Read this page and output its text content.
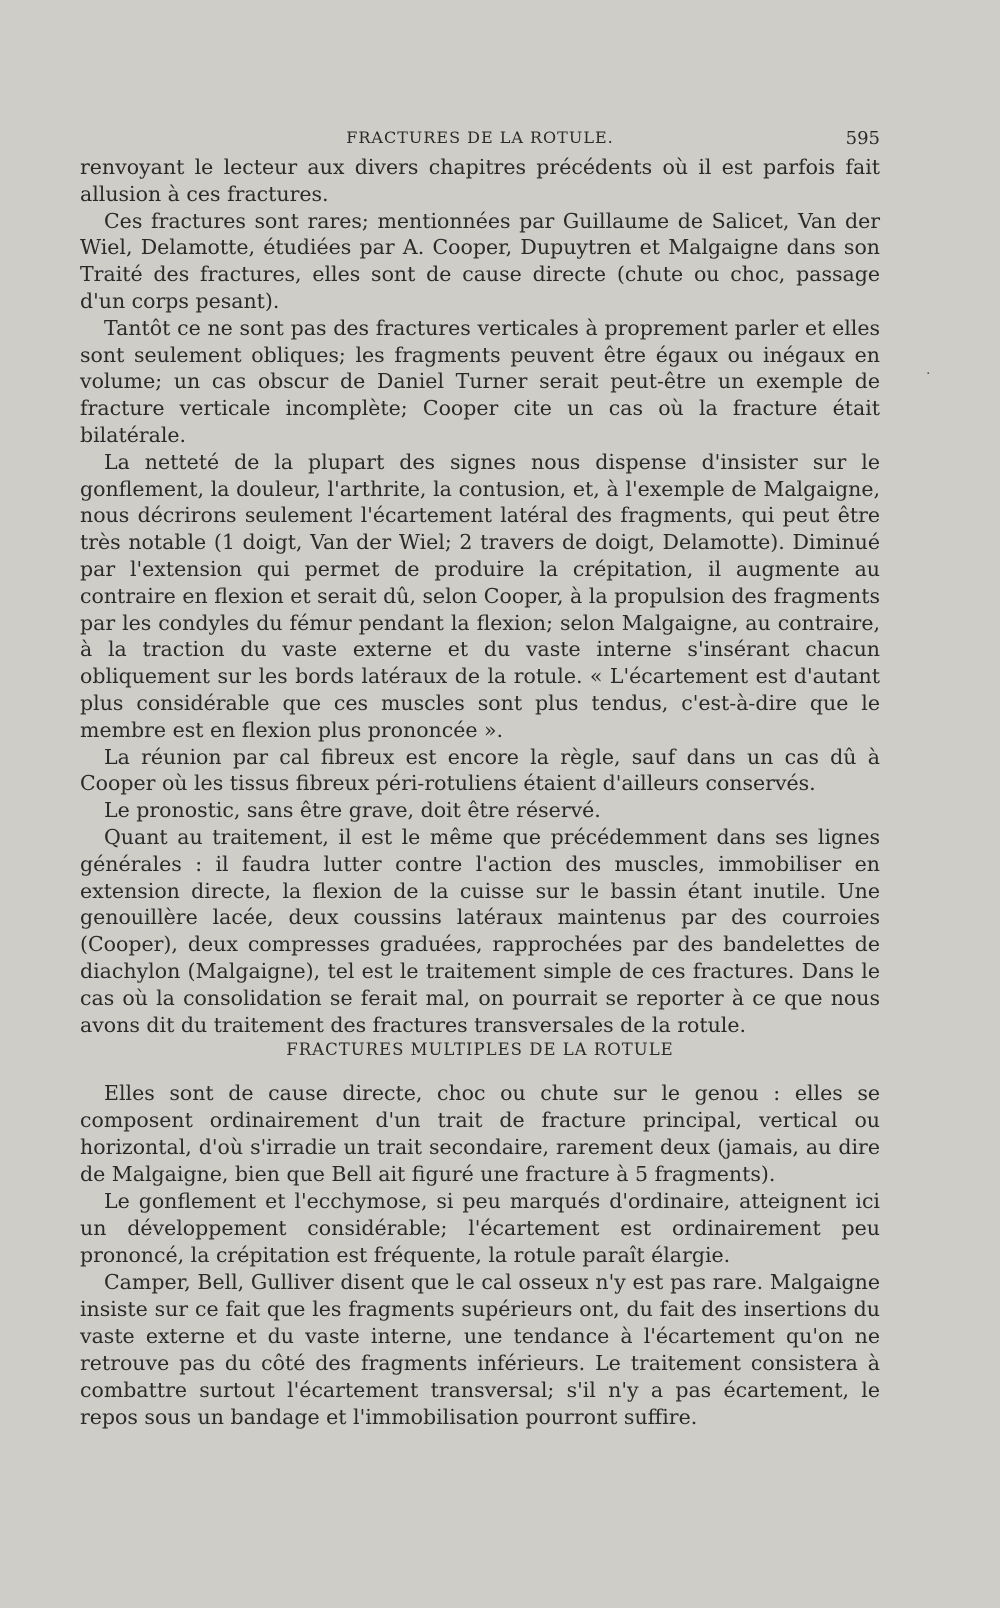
FRACTURES DE LA ROTULE.	595

renvoyant le lecteur aux divers chapitres précédents où il est parfois fait allusion à ces fractures.

Ces fractures sont rares; mentionnées par Guillaume de Salicet, Van der Wiel, Delamotte, étudiées par A. Cooper, Dupuytren et Malgaigne dans son Traité des fractures, elles sont de cause directe (chute ou choc, passage d'un corps pesant).

Tantôt ce ne sont pas des fractures verticales à proprement parler et elles sont seulement obliques; les fragments peuvent être égaux ou inégaux en volume; un cas obscur de Daniel Turner serait peut-être un exemple de fracture verticale incomplète; Cooper cite un cas où la fracture était bilatérale.

La netteté de la plupart des signes nous dispense d'insister sur le gonflement, la douleur, l'arthrite, la contusion, et, à l'exemple de Malgaigne, nous décrirons seulement l'écartement latéral des fragments, qui peut être très notable (1 doigt, Van der Wiel; 2 travers de doigt, Delamotte). Diminué par l'extension qui permet de produire la crépitation, il augmente au contraire en flexion et serait dû, selon Cooper, à la propulsion des fragments par les condyles du fémur pendant la flexion; selon Malgaigne, au contraire, à la traction du vaste externe et du vaste interne s'insérant chacun obliquement sur les bords latéraux de la rotule. « L'écartement est d'autant plus considérable que ces muscles sont plus tendus, c'est-à-dire que le membre est en flexion plus prononcée ».

La réunion par cal fibreux est encore la règle, sauf dans un cas dû à Cooper où les tissus fibreux péri-rotuliens étaient d'ailleurs conservés.

Le pronostic, sans être grave, doit être réservé.

Quant au traitement, il est le même que précédemment dans ses lignes générales : il faudra lutter contre l'action des muscles, immobiliser en extension directe, la flexion de la cuisse sur le bassin étant inutile. Une genouillère lacée, deux coussins latéraux maintenus par des courroies (Cooper), deux compresses graduées, rapprochées par des bandelettes de diachylon (Malgaigne), tel est le traitement simple de ces fractures. Dans le cas où la consolidation se ferait mal, on pourrait se reporter à ce que nous avons dit du traitement des fractures transversales de la rotule.

FRACTURES MULTIPLES DE LA ROTULE

Elles sont de cause directe, choc ou chute sur le genou : elles se composent ordinairement d'un trait de fracture principal, vertical ou horizontal, d'où s'irradie un trait secondaire, rarement deux (jamais, au dire de Malgaigne, bien que Bell ait figuré une fracture à 5 fragments).

Le gonflement et l'ecchymose, si peu marqués d'ordinaire, atteignent ici un développement considérable; l'écartement est ordinairement peu prononcé, la crépitation est fréquente, la rotule paraît élargie.

Camper, Bell, Gulliver disent que le cal osseux n'y est pas rare. Malgaigne insiste sur ce fait que les fragments supérieurs ont, du fait des insertions du vaste externe et du vaste interne, une tendance à l'écartement qu'on ne retrouve pas du côté des fragments inférieurs. Le traitement consistera à combattre surtout l'écartement transversal; s'il n'y a pas écartement, le repos sous un bandage et l'immobilisation pourront suffire.

.
